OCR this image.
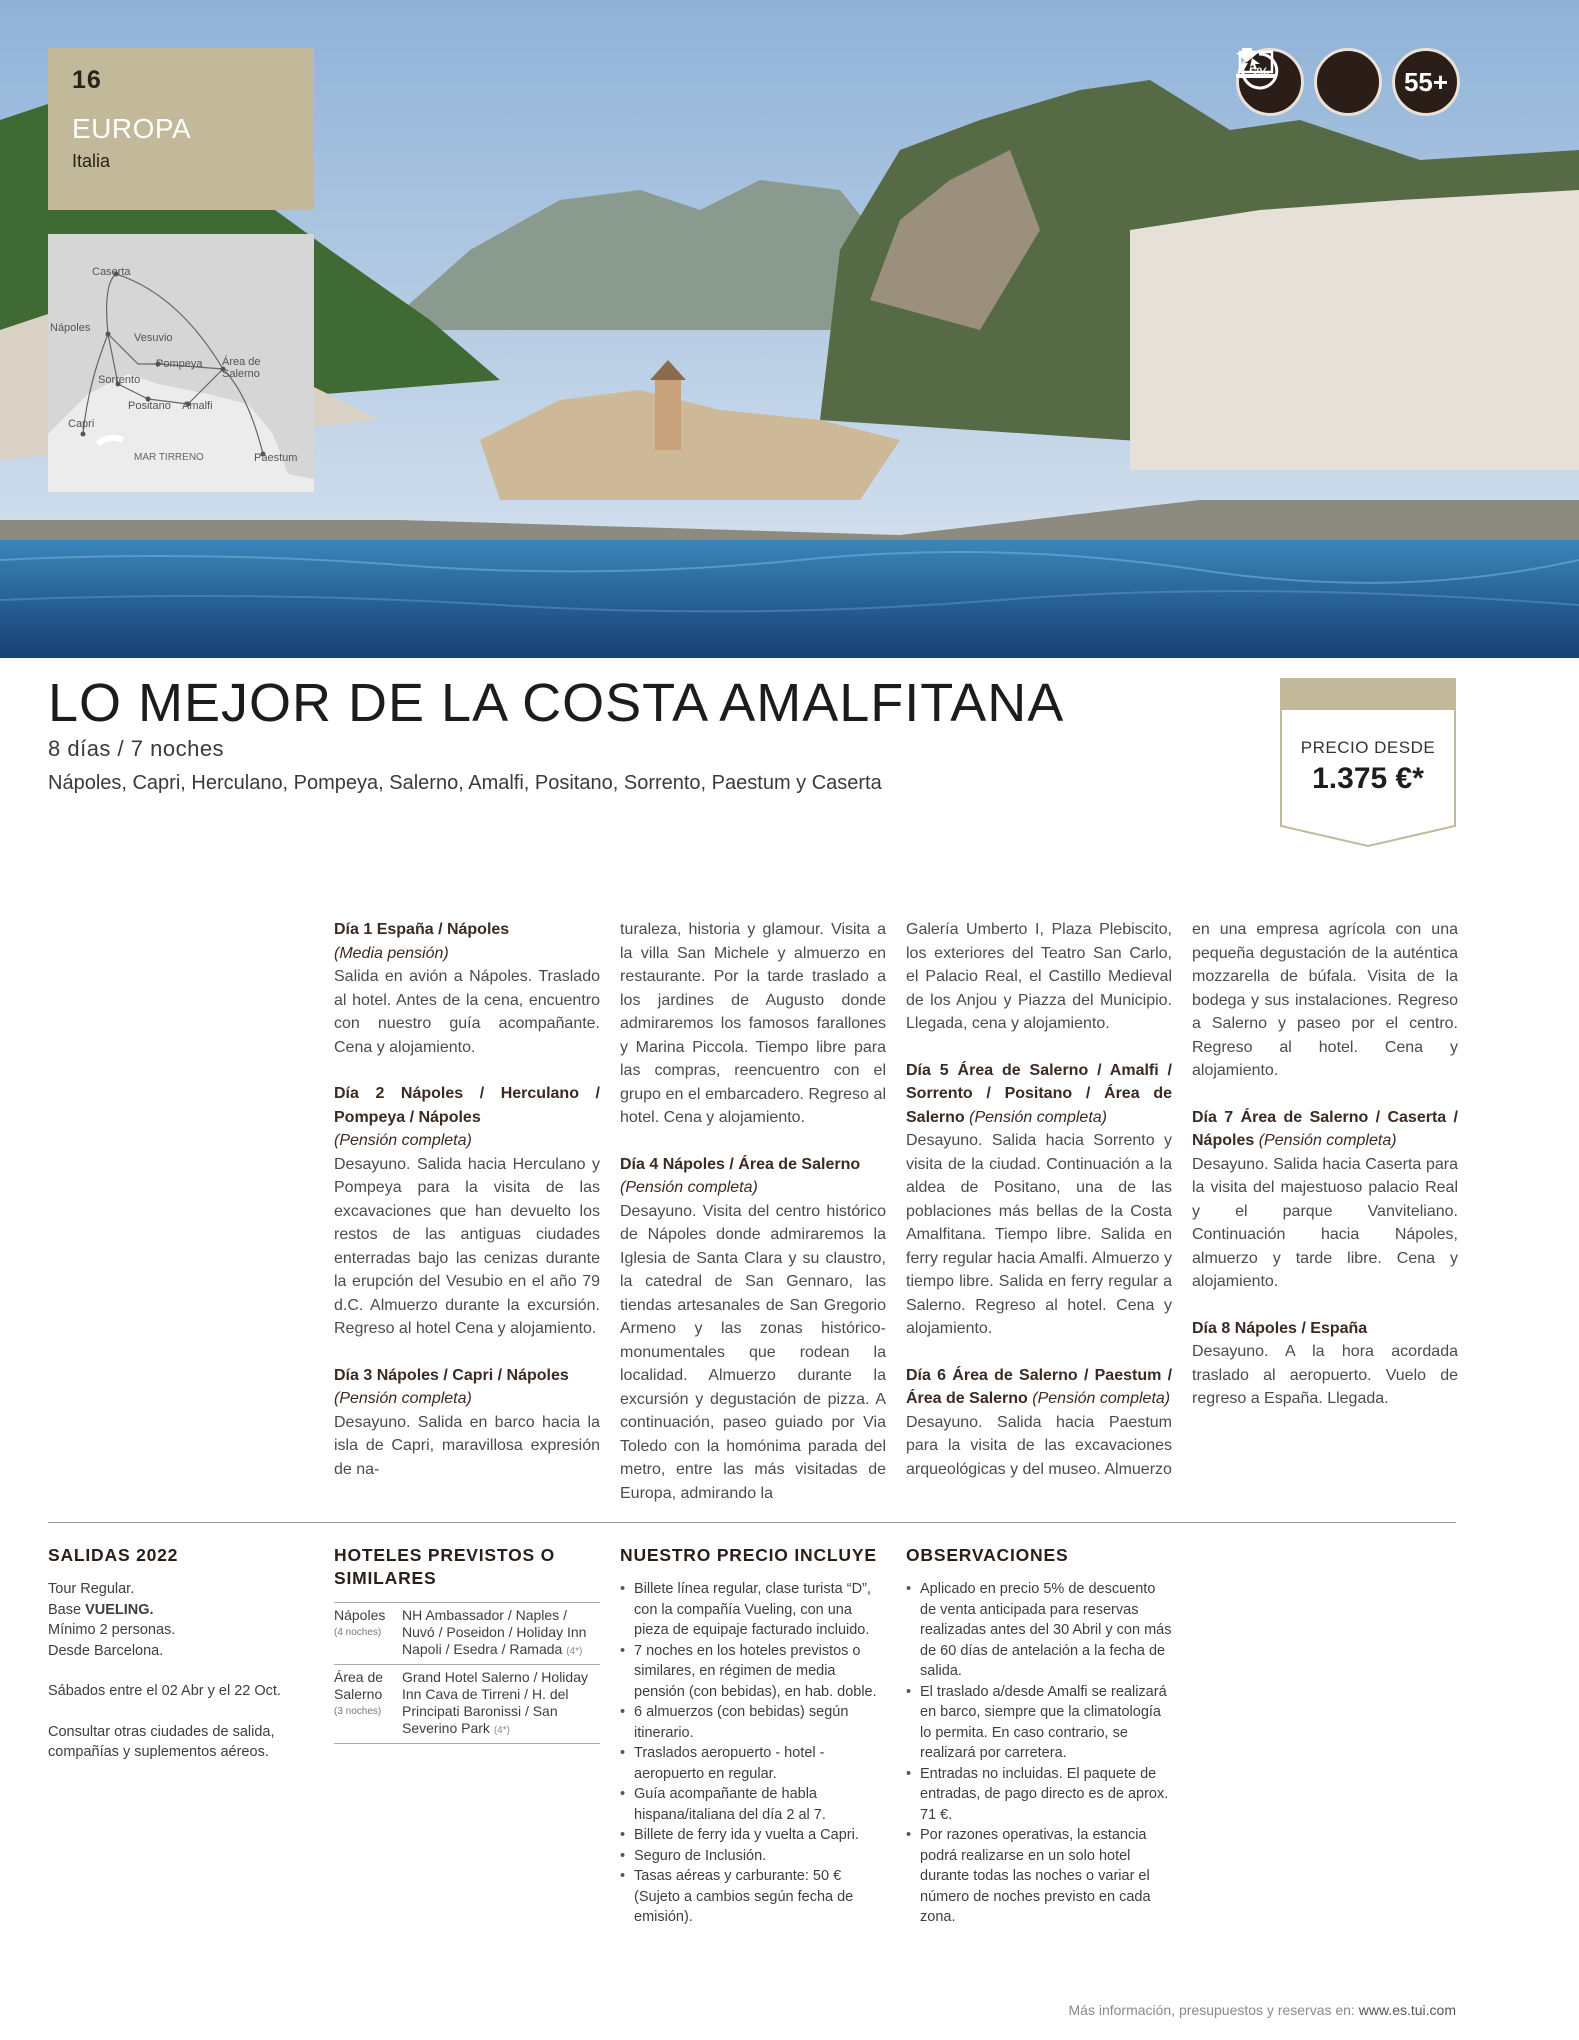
16
EUROPA
Italia
Caserta
Nápoles
Vesuvio
Pompeya Área de Salerno
Sorrento
Positano Amalfi
Capri
MAR TIRRENO	Paestum
5%	55+
LO MEJOR DE LA COSTA AMALFITANA
8 días / 7 noches
Nápoles, Capri, Herculano, Pompeya, Salerno, Amalfi, Positano, Sorrento, Paestum y Caserta
PRECIO DESDE
1.375 €*

Día 1 España / Nápoles
(Media pensión)
Salida en avión a Nápoles. Traslado al hotel. Antes de la cena, encuentro con nuestro guía acompañante. Cena y alojamiento.

Día 2 Nápoles / Herculano / Pompeya / Nápoles
(Pensión completa)
Desayuno. Salida hacia Herculano y Pompeya para la visita de las excavaciones que han devuelto los restos de las antiguas ciudades enterradas bajo las cenizas durante la erupción del Vesubio en el año 79 d.C. Almuerzo durante la excursión. Regreso al hotel Cena y alojamiento.

Día 3 Nápoles / Capri / Nápoles
(Pensión completa)
Desayuno. Salida en barco hacia la isla de Capri, maravillosa expresión de na-

turaleza, historia y glamour. Visita a la villa San Michele y almuerzo en restaurante. Por la tarde traslado a los jardines de Augusto donde admiraremos los famosos farallones y Marina Piccola. Tiempo libre para las compras, reencuentro con el grupo en el embarcadero. Regreso al hotel. Cena y alojamiento.

Día 4 Nápoles / Área de Salerno
(Pensión completa)
Desayuno. Visita del centro histórico de Nápoles donde admiraremos la Iglesia de Santa Clara y su claustro, la catedral de San Gennaro, las tiendas artesanales de San Gregorio Armeno y las zonas histórico-monumentales que rodean la localidad. Almuerzo durante la excursión y degustación de pizza. A continuación, paseo guiado por Via Toledo con la homónima parada del metro, entre las más visitadas de Europa, admirando la

Galería Umberto I, Plaza Plebiscito, los exteriores del Teatro San Carlo, el Palacio Real, el Castillo Medieval de los Anjou y Piazza del Municipio. Llegada, cena y alojamiento.

Día 5 Área de Salerno / Amalfi / Sorrento / Positano / Área de Salerno (Pensión completa)
Desayuno. Salida hacia Sorrento y visita de la ciudad. Continuación a la aldea de Positano, una de las poblaciones más bellas de la Costa Amalfitana. Tiempo libre. Salida en ferry regular hacia Amalfi. Almuerzo y tiempo libre. Salida en ferry regular a Salerno. Regreso al hotel. Cena y alojamiento.

Día 6 Área de Salerno / Paestum / Área de Salerno (Pensión completa)
Desayuno. Salida hacia Paestum para la visita de las excavaciones arqueológicas y del museo. Almuerzo

en una empresa agrícola con una pequeña degustación de la auténtica mozzarella de búfala. Visita de la bodega y sus instalaciones. Regreso a Salerno y paseo por el centro. Regreso al hotel. Cena y alojamiento.

Día 7 Área de Salerno / Caserta / Nápoles (Pensión completa)
Desayuno. Salida hacia Caserta para la visita del majestuoso palacio Real y el parque Vanviteliano. Continuación hacia Nápoles, almuerzo y tarde libre. Cena y alojamiento.

Día 8 Nápoles / España
Desayuno. A la hora acordada traslado al aeropuerto. Vuelo de regreso a España. Llegada.

SALIDAS 2022
Tour Regular.
Base VUELING.
Mínimo 2 personas.
Desde Barcelona.
Sábados entre el 02 Abr y el 22 Oct.
Consultar otras ciudades de salida, compañías y suplementos aéreos.
HOTELES PREVISTOS O SIMILARES
Nápoles
(4 noches)
NH Ambassador / Naples / Nuvó / Poseidon / Holiday Inn Napoli / Esedra / Ramada (4*)
Área de Salerno
(3 noches)
Grand Hotel Salerno / Holiday Inn Cava de Tirreni / H. del Principati Baronissi / San Severino Park (4*)
NUESTRO PRECIO INCLUYE
• Billete línea regular, clase turista “D”, con la compañía Vueling, con una pieza de equipaje facturado incluido.
• 7 noches en los hoteles previstos o similares, en régimen de media pensión (con bebidas), en hab. doble.
• 6 almuerzos (con bebidas) según itinerario.
• Traslados aeropuerto - hotel - aeropuerto en regular.
• Guía acompañante de habla hispana/italiana del día 2 al 7.
• Billete de ferry ida y vuelta a Capri.
• Seguro de Inclusión.
• Tasas aéreas y carburante: 50 € (Sujeto a cambios según fecha de emisión).
OBSERVACIONES
• Aplicado en precio 5% de descuento de venta anticipada para reservas realizadas antes del 30 Abril y con más de 60 días de antelación a la fecha de salida.
• El traslado a/desde Amalfi se realizará en barco, siempre que la climatología lo permita. En caso contrario, se realizará por carretera.
• Entradas no incluidas. El paquete de entradas, de pago directo es de aprox. 71 €.
• Por razones operativas, la estancia podrá realizarse en un solo hotel durante todas las noches o variar el número de noches previsto en cada zona.
Más información, presupuestos y reservas en: www.es.tui.com
